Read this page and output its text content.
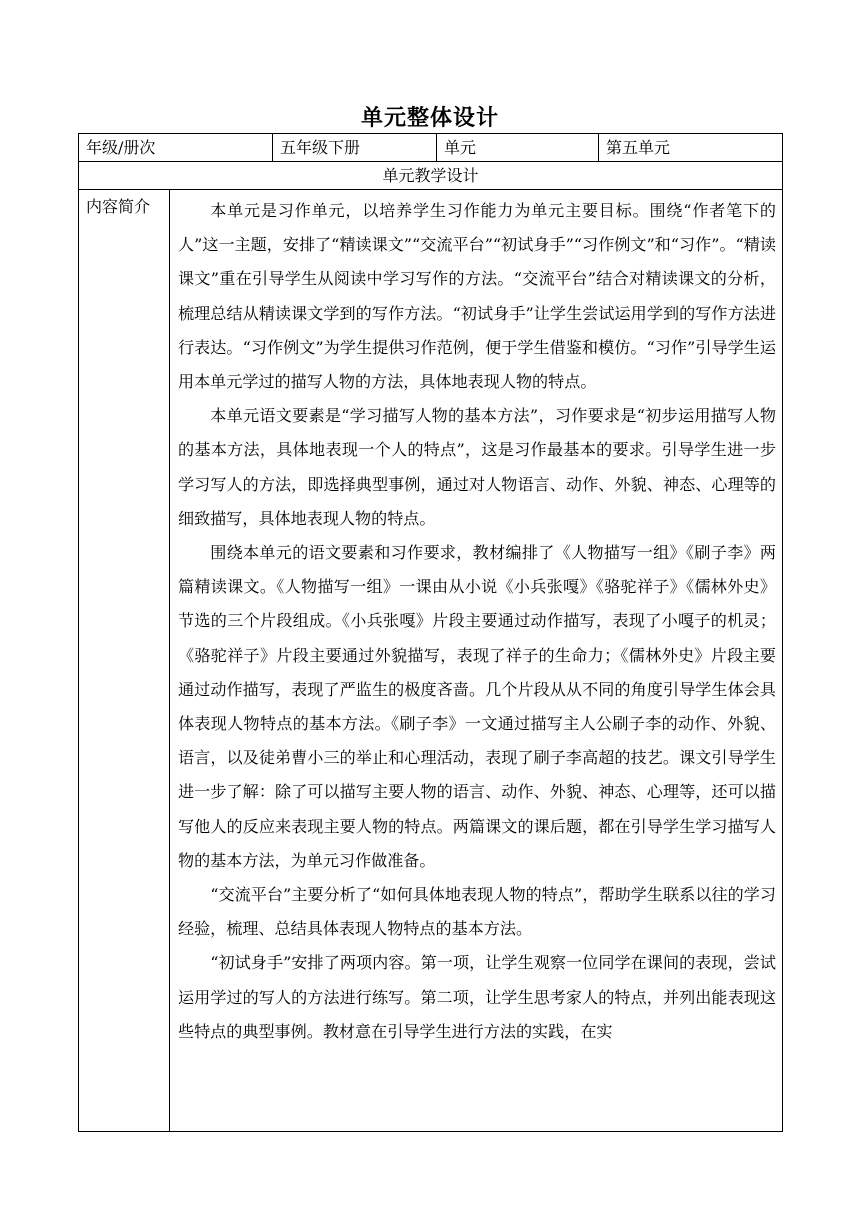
单元整体设计
年级/册次		五年级下册	单元	第五单元
单元教学设计				
内容简介	本单元是习作单元，以培养学生习作能力为单元主要目标。围绕“作者笔下的人”这一主题，安排了“精读课文”“交流平台”“初试身手”“习作例文”和“习作”。“精读课文”重在引导学生从阅读中学习写作的方法。“交流平台”结合对精读课文的分析，梳理总结从精读课文学到的写作方法。“初试身手”让学生尝试运用学到的写作方法进行表达。“习作例文”为学生提供习作范例，便于学生借鉴和模仿。“习作”引导学生运用本单元学过的描写人物的方法，具体地表现人物的特点。

本单元语文要素是“学习描写人物的基本方法”，习作要求是“初步运用描写人物的基本方法，具体地表现一个人的特点”，这是习作最基本的要求。引导学生进一步学习写人的方法，即选择典型事例，通过对人物语言、动作、外貌、神态、心理等的细致描写，具体地表现人物的特点。

围绕本单元的语文要素和习作要求，教材编排了《人物描写一组》《刷子李》两篇精读课文。《人物描写一组》一课由从小说《小兵张嘎》《骆驼祥子》《儒林外史》节选的三个片段组成。《小兵张嘎》片段主要通过动作描写，表现了小嘎子的机灵；《骆驼祥子》片段主要通过外貌描写，表现了祥子的生命力；《儒林外史》片段主要通过动作描写，表现了严监生的极度吝啬。几个片段从从不同的角度引导学生体会具体表现人物特点的基本方法。《刷子李》一文通过描写主人公刷子李的动作、外貌、语言，以及徒弟曹小三的举止和心理活动，表现了刷子李高超的技艺。课文引导学生进一步了解：除了可以描写主要人物的语言、动作、外貌、神态、心理等，还可以描写他人的反应来表现主要人物的特点。两篇课文的课后题，都在引导学生学习描写人物的基本方法，为单元习作做准备。

“交流平台”主要分析了“如何具体地表现人物的特点”，帮助学生联系以往的学习经验，梳理、总结具体表现人物特点的基本方法。

“初试身手”安排了两项内容。第一项，让学生观察一位同学在课间的表现，尝试运用学过的写人的方法进行练写。第二项，让学生思考家人的特点，并列出能表现这些特点的典型事例。教材意在引导学生进行方法的实践，在实			
